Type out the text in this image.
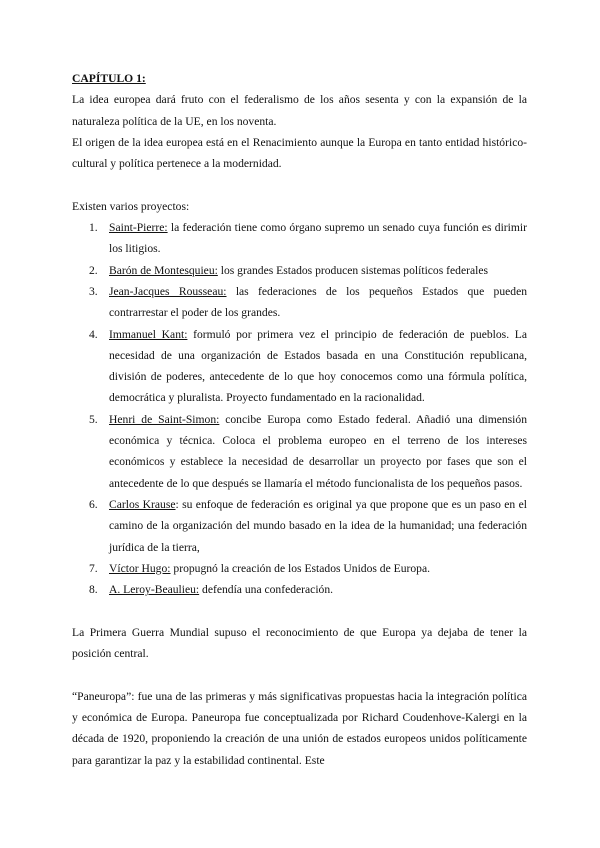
CAPÍTULO 1:

La idea europea dará fruto con el federalismo de los años sesenta y con la expansión de la naturaleza política de la UE, en los noventa.

El origen de la idea europea está en el Renacimiento aunque la Europa en tanto entidad histórico-cultural y política pertenece a la modernidad.

Existen varios proyectos:

1. Saint-Pierre: la federación tiene como órgano supremo un senado cuya función es dirimir los litigios.
2. Barón de Montesquieu: los grandes Estados producen sistemas políticos federales
3. Jean-Jacques Rousseau: las federaciones de los pequeños Estados que pueden contrarrestar el poder de los grandes.
4. Immanuel Kant: formuló por primera vez el principio de federación de pueblos. La necesidad de una organización de Estados basada en una Constitución republicana, división de poderes, antecedente de lo que hoy conocemos como una fórmula política, democrática y pluralista. Proyecto fundamentado en la racionalidad.
5. Henri de Saint-Simon: concibe Europa como Estado federal. Añadió una dimensión económica y técnica. Coloca el problema europeo en el terreno de los intereses económicos y establece la necesidad de desarrollar un proyecto por fases que son el antecedente de lo que después se llamaría el método funcionalista de los pequeños pasos.
6. Carlos Krause: su enfoque de federación es original ya que propone que es un paso en el camino de la organización del mundo basado en la idea de la humanidad; una federación jurídica de la tierra,
7. Víctor Hugo: propugnó la creación de los Estados Unidos de Europa.
8. A. Leroy-Beaulieu: defendía una confederación.

La Primera Guerra Mundial supuso el reconocimiento de que Europa ya dejaba de tener la posición central.

“Paneuropa”: fue una de las primeras y más significativas propuestas hacia la integración política y económica de Europa. Paneuropa fue conceptualizada por Richard Coudenhove-Kalergi en la década de 1920, proponiendo la creación de una unión de estados europeos unidos políticamente para garantizar la paz y la estabilidad continental. Este
